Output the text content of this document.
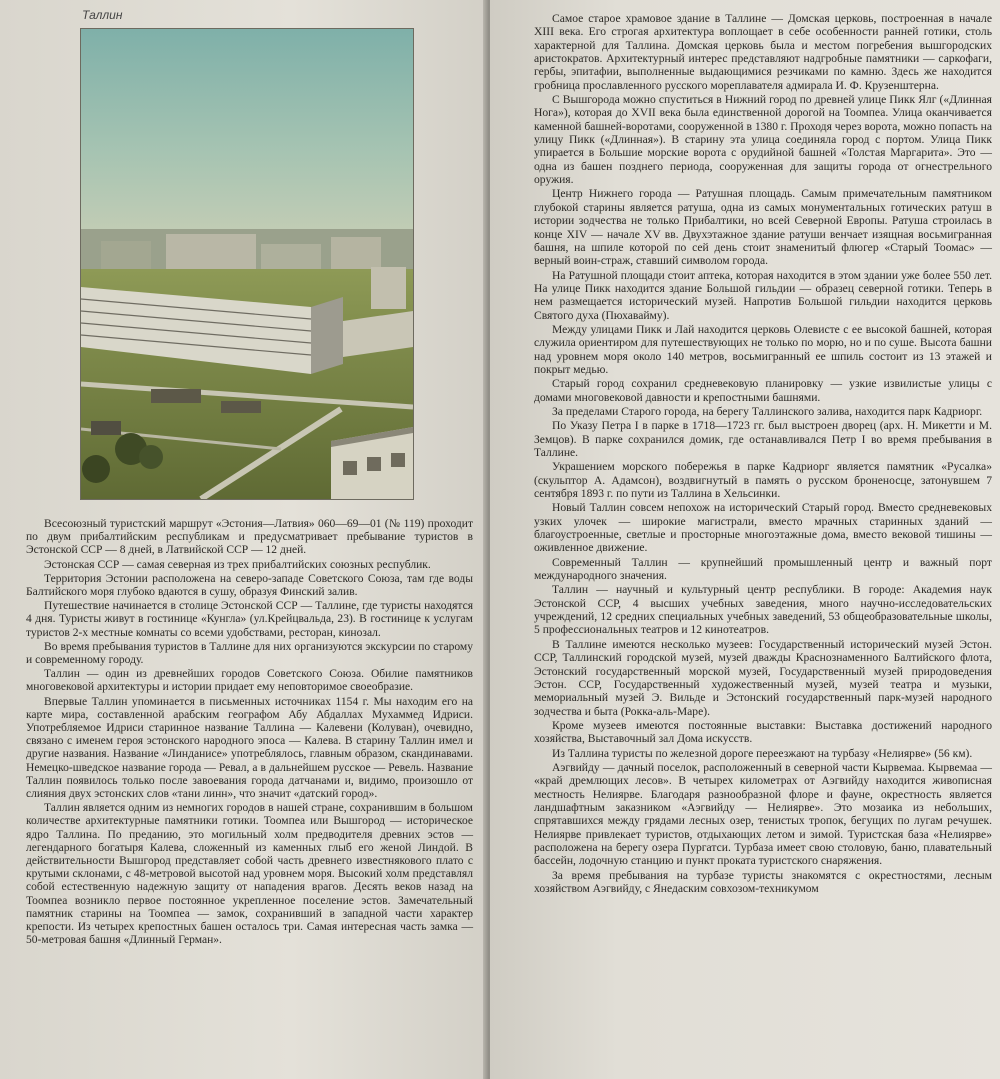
Таллин

Всесоюзный туристский маршрут «Эстония—Латвия» 060—69—01 (№ 119) проходит по двум прибалтийским республикам и предусматривает пребывание туристов в Эстонской ССР — 8 дней, в Латвийской ССР — 12 дней.

Эстонская ССР — самая северная из трех прибалтийских союзных республик.

Территория Эстонии расположена на северо-западе Советского Союза, там где воды Балтийского моря глубоко вдаются в сушу, образуя Финский залив.

Путешествие начинается в столице Эстонской ССР — Таллине, где туристы находятся 4 дня. Туристы живут в гостинице «Кунгла» (ул.Крейцвальда, 23). В гостинице к услугам туристов 2-х местные комнаты со всеми удобствами, ресторан, кинозал.

Во время пребывания туристов в Таллине для них организуются экскурсии по старому и современному городу.

Таллин — один из древнейших городов Советского Союза. Обилие памятников многовековой архитектуры и истории придает ему неповторимое своеобразие.

Впервые Таллин упоминается в письменных источниках 1154 г. Мы находим его на карте мира, составленной арабским географом Абу Абдаллах Мухаммед Идриси. Употребляемое Идриси старинное название Таллина — Калевени (Колуван), очевидно, связано с именем героя эстонского народного эпоса — Калева. В старину Таллин имел и другие названия. Название «Линданисе» употреблялось, главным образом, скандинавами. Немецко-шведское название города — Ревал, а в дальнейшем русское — Ревель. Название Таллин появилось только после завоевания города датчанами и, видимо, произошло от слияния двух эстонских слов «тани линн», что значит «датский город».

Таллин является одним из немногих городов в нашей стране, сохранившим в большом количестве архитектурные памятники готики. Тоомпеа или Вышгород — историческое ядро Таллина. По преданию, это могильный холм предводителя древних эстов — легендарного богатыря Калева, сложенный из каменных глыб его женой Линдой. В действительности Вышгород представляет собой часть древнего известнякового плато с крутыми склонами, с 48-метровой высотой над уровнем моря. Высокий холм представлял собой естественную надежную защиту от нападения врагов. Десять веков назад на Тоомпеа возникло первое постоянное укрепленное поселение эстов. Замечательный памятник старины на Тоомпеа — замок, сохранивший в западной части характер крепости. Из четырех крепостных башен осталось три. Самая интересная часть замка — 50-метровая башня «Длинный Герман».

Самое старое храмовое здание в Таллине — Домская церковь, построенная в начале XIII века. Его строгая архитектура воплощает в себе особенности ранней готики, столь характерной для Таллина. Домская церковь была и местом погребения вышгородских аристократов. Архитектурный интерес представляют надгробные памятники — саркофаги, гербы, эпитафии, выполненные выдающимися резчиками по камню. Здесь же находится гробница прославленного русского мореплавателя адмирала И. Ф. Крузенштерна.

С Вышгорода можно спуститься в Нижний город по древней улице Пикк Ялг («Длинная Нога»), которая до XVII века была единственной дорогой на Тоомпеа. Улица оканчивается каменной башней-воротами, сооруженной в 1380 г. Проходя через ворота, можно попасть на улицу Пикк («Длинная»). В старину эта улица соединяла город с портом. Улица Пикк упирается в Большие морские ворота с орудийной башней «Толстая Маргарита». Это — одна из башен позднего периода, сооруженная для защиты города от огнестрельного оружия.

Центр Нижнего города — Ратушная площадь. Самым примечательным памятником глубокой старины является ратуша, одна из самых монументальных готических ратуш в истории зодчества не только Прибалтики, но всей Северной Европы. Ратуша строилась в конце XIV — начале XV вв. Двухэтажное здание ратуши венчает изящная восьмигранная башня, на шпиле которой по сей день стоит знаменитый флюгер «Старый Тоомас» — верный воин-страж, ставший символом города.

На Ратушной площади стоит аптека, которая находится в этом здании уже более 550 лет. На улице Пикк находится здание Большой гильдии — образец северной готики. Теперь в нем размещается исторический музей. Напротив Большой гильдии находится церковь Святого духа (Пюхавайму).

Между улицами Пикк и Лай находится церковь Олевисте с ее высокой башней, которая служила ориентиром для путешествующих не только по морю, но и по суше. Высота башни над уровнем моря около 140 метров, восьмигранный ее шпиль состоит из 13 этажей и покрыт медью.

Старый город сохранил средневековую планировку — узкие извилистые улицы с домами многовековой давности и крепостными башнями.

За пределами Старого города, на берегу Таллинского залива, находится парк Кадриорг.

По Указу Петра I в парке в 1718—1723 гг. был выстроен дворец (арх. Н. Микетти и М. Земцов). В парке сохранился домик, где останавливался Петр I во время пребывания в Таллине.

Украшением морского побережья в парке Кадриорг является памятник «Русалка» (скульптор А. Адамсон), воздвигнутый в память о русском броненосце, затонувшем 7 сентября 1893 г. по пути из Таллина в Хельсинки.

Новый Таллин совсем непохож на исторический Старый город. Вместо средневековых узких улочек — широкие магистрали, вместо мрачных старинных зданий — благоустроенные, светлые и просторные многоэтажные дома, вместо вековой тишины — оживленное движение.

Современный Таллин — крупнейший промышленный центр и важный порт международного значения.

Таллин — научный и культурный центр республики. В городе: Академия наук Эстонской ССР, 4 высших учебных заведения, много научно-исследовательских учреждений, 12 средних специальных учебных заведений, 53 общеобразовательные школы, 5 профессиональных театров и 12 кинотеатров.

В Таллине имеются несколько музеев: Государственный исторический музей Эстон. ССР, Таллинский городской музей, музей дважды Краснознаменного Балтийского флота, Эстонский государственный морской музей, Государственный музей природоведения Эстон. ССР, Государственный художественный музей, музей театра и музыки, мемориальный музей Э. Вильде и Эстонский государственный парк-музей народного зодчества и быта (Рокка-аль-Маре).

Кроме музеев имеются постоянные выставки: Выставка достижений народного хозяйства, Выставочный зал Дома искусств.

Из Таллина туристы по железной дороге переезжают на турбазу «Нелиярве» (56 км).

Аэгвийду — дачный поселок, расположенный в северной части Кырвемаа. Кырвемаа — «край дремлющих лесов». В четырех километрах от Аэгвийду находится живописная местность Нелиярве. Благодаря разнообразной флоре и фауне, окрестность является ландшафтным заказником «Аэгвийду — Нелиярве». Это мозаика из небольших, спрятавшихся между грядами лесных озер, тенистых тропок, бегущих по лугам речушек. Нелиярве привлекает туристов, отдыхающих летом и зимой. Туристская база «Нелиярве» расположена на берегу озера Пургатси. Турбаза имеет свою столовую, баню, плавательный бассейн, лодочную станцию и пункт проката туристского снаряжения.

За время пребывания на турбазе туристы знакомятся с окрестностями, лесным хозяйством Аэгвийду, с Янедаским совхозом-техникумом
